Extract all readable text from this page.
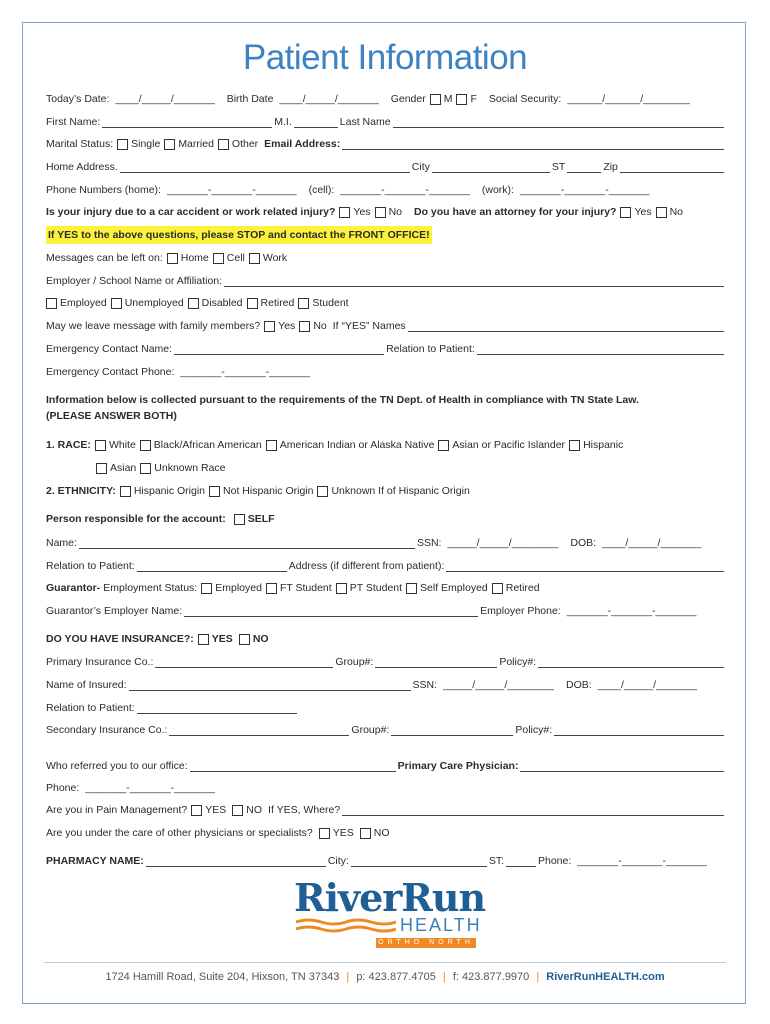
Patient Information
Today’s Date: ____/_____/_______ Birth Date ____/_____/_______ Gender M F Social Security: ______/______/________
First Name:	M.I.	Last Name
Marital Status: Single Married Other Email Address:
Home Address.	City	ST	Zip
Phone Numbers (home): _______-_______-_______ (cell): _______-_______-_______ (work): _______-_______-_______
Is your injury due to a car accident or work related injury? Yes No Do you have an attorney for your injury? Yes No
If YES to the above questions, please STOP and contact the FRONT OFFICE!
Messages can be left on: Home Cell Work
Employer / School Name or Affiliation:
Employed Unemployed Disabled Retired Student
May we leave message with family members? Yes No If “YES” Names
Emergency Contact Name:	Relation to Patient:
Emergency Contact Phone: _______-_______-_______
Information below is collected pursuant to the requirements of the TN Dept. of Health in compliance with TN State Law.
(PLEASE ANSWER BOTH)
1. RACE: White Black/African American American Indian or Alaska Native Asian or Pacific Islander Hispanic
Asian Unknown Race
2. ETHNICITY: Hispanic Origin Not Hispanic Origin Unknown If of Hispanic Origin
Person responsible for the account: SELF
Name:	SSN: _____/_____/________ DOB: ____/_____/_______
Relation to Patient:	Address (if different from patient):
Guarantor- Employment Status: Employed FT Student PT Student Self Employed Retired
Guarantor’s Employer Name:	Employer Phone: _______-_______-_______
DO YOU HAVE INSURANCE?: YES NO
Primary Insurance Co.:	Group#:	Policy#:
Name of Insured:	SSN: _____/_____/________ DOB: ____/_____/_______
Relation to Patient:
Secondary Insurance Co.:	Group#:	Policy#:
Who referred you to our office:	Primary Care Physician:
Phone: _______-_______-_______
Are you in Pain Management? YES NO If YES, Where?
Are you under the care of other physicians or specialists? YES NO
PHARMACY NAME:	City:	ST:	Phone: _______-_______-_______
RiverRun
HEALTH
ORTHO NORTH
1724 Hamill Road, Suite 204, Hixson, TN 37343 | p: 423.877.4705 | f: 423.877.9970 | RiverRunHEALTH.com
